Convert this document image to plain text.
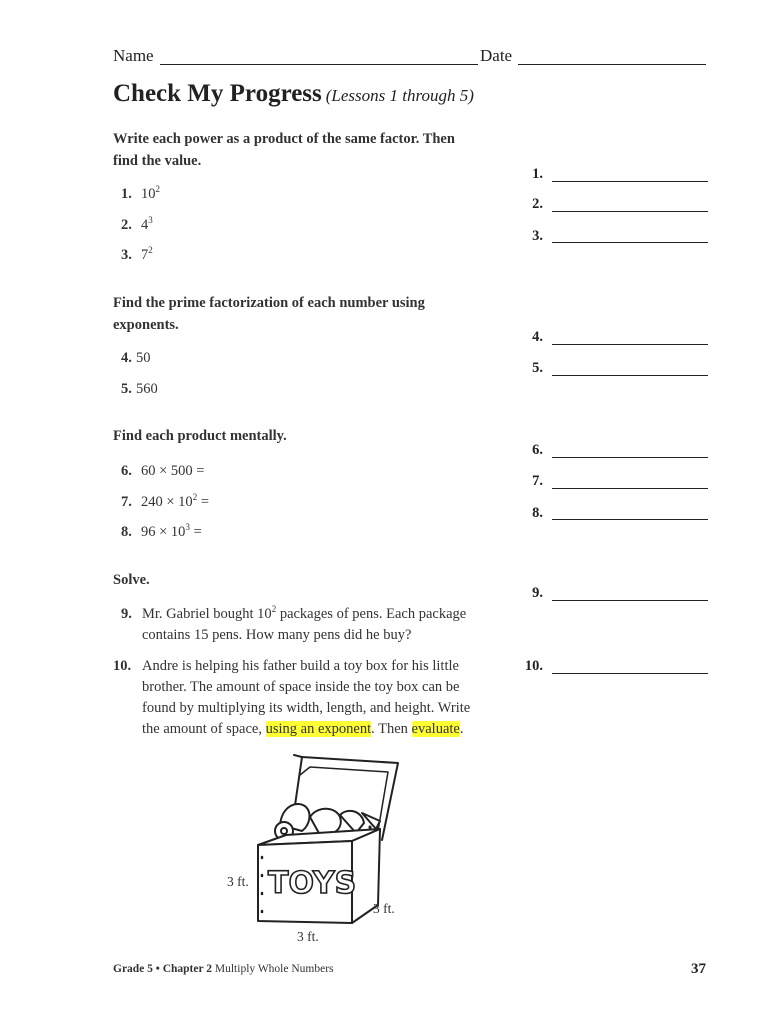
Name	Date
Check My Progress (Lessons 1 through 5)
Write each power as a product of the same factor. Then find the value.
1. $10^2$
2. $4^3$
3. $7^2$
Find the prime factorization of each number using exponents.
4. 50
5. 560
Find each product mentally.
6. 60 × 500 =
7. $240 \times 10^2$ =
8. $96 \times 10^3$ =
Solve.
9. Mr. Gabriel bought $10^2$ packages of pens. Each package contains 15 pens. How many pens did he buy?
10. Andre is helping his father build a toy box for his little brother. The amount of space inside the toy box can be found by multiplying its width, length, and height. Write the amount of space, using an exponent. Then evaluate.
1.
2.
3.
4.
5.
6.
7.
8.
9.
10.
TOYS
3 ft.
3 ft.
3 ft.
Grade 5 • Chapter 2 Multiply Whole Numbers	37
